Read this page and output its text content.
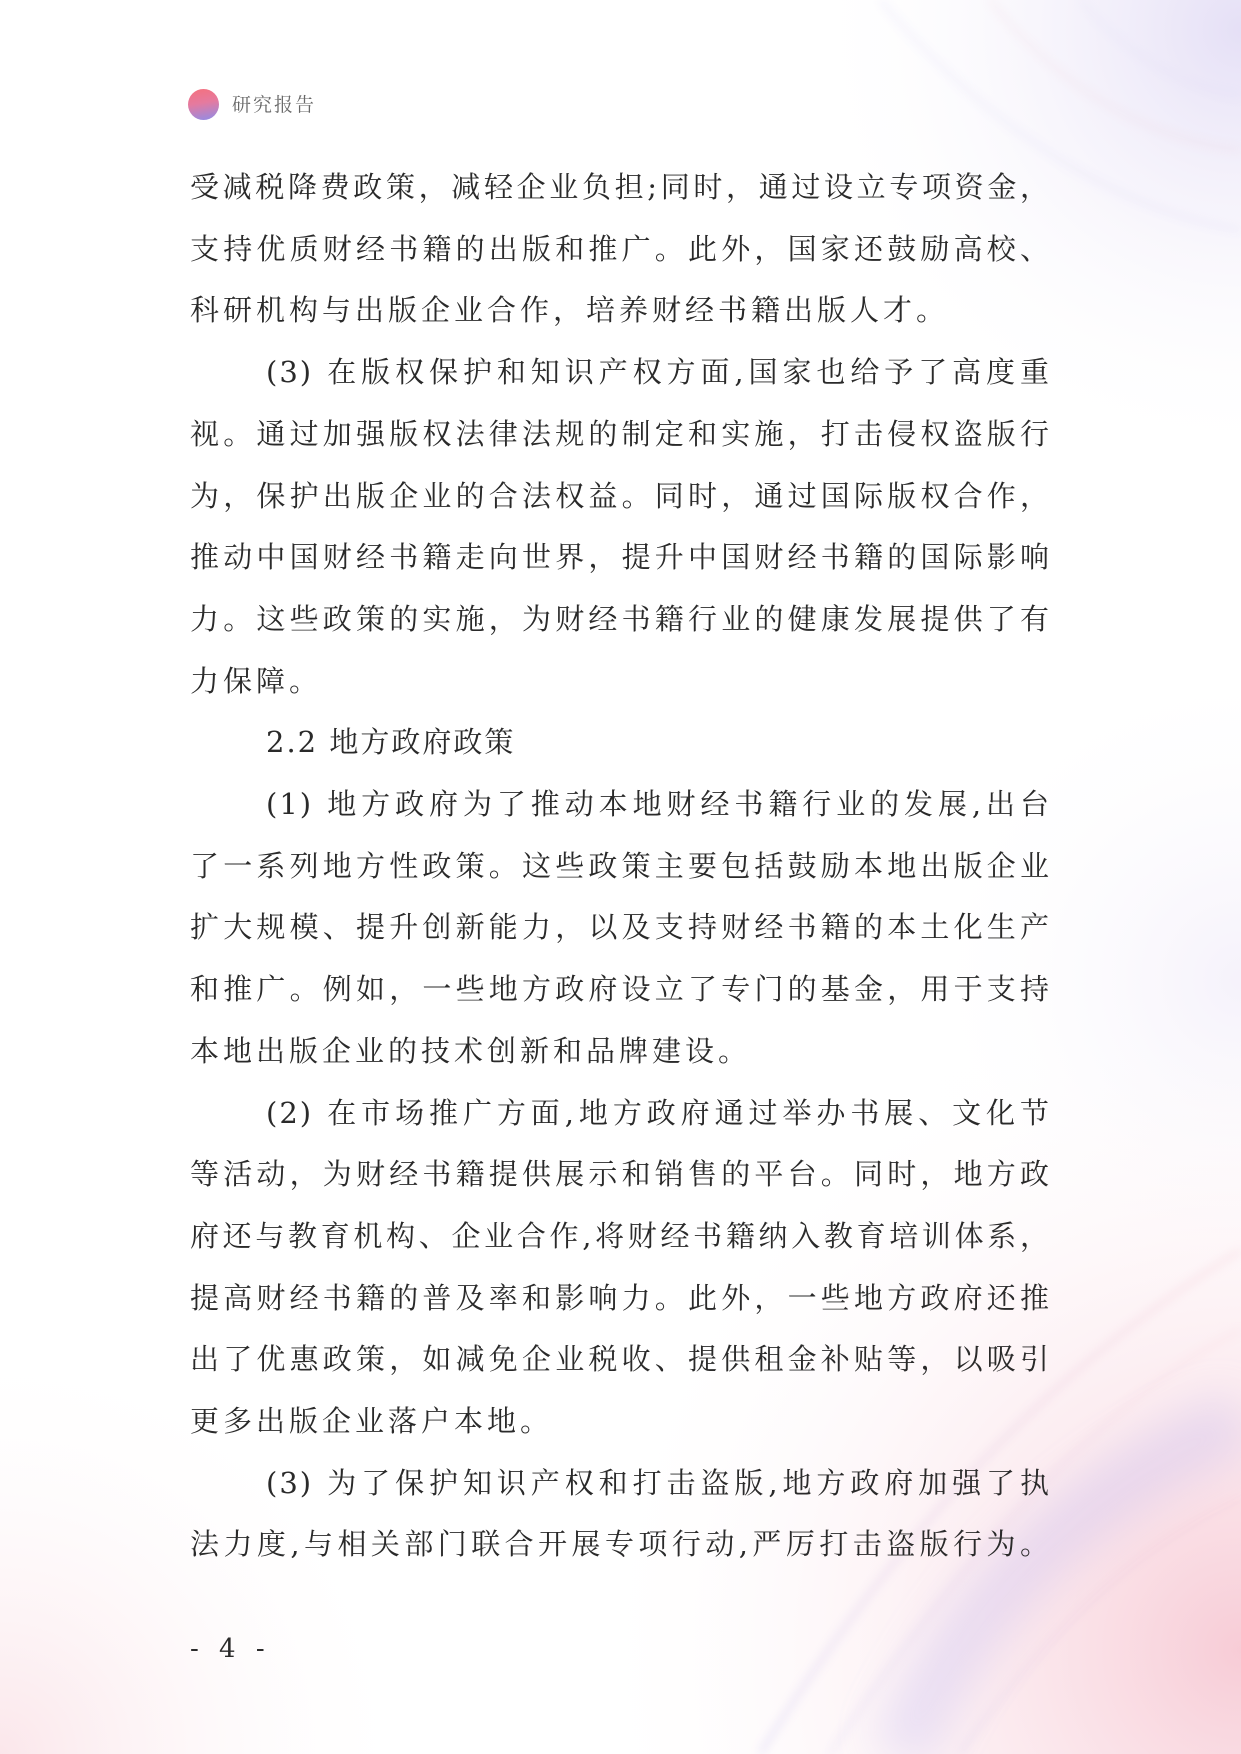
研究报告
受减税降费政策，减轻企业负担;同时，通过设立专项资金，
支持优质财经书籍的出版和推广。此外，国家还鼓励高校、
科研机构与出版企业合作，培养财经书籍出版人才。
(3) 在版权保护和知识产权方面,国家也给予了高度重
视。通过加强版权法律法规的制定和实施，打击侵权盗版行
为，保护出版企业的合法权益。同时，通过国际版权合作，
推动中国财经书籍走向世界，提升中国财经书籍的国际影响
力。这些政策的实施，为财经书籍行业的健康发展提供了有
力保障。
2.2 地方政府政策
(1) 地方政府为了推动本地财经书籍行业的发展,出台
了一系列地方性政策。这些政策主要包括鼓励本地出版企业
扩大规模、提升创新能力，以及支持财经书籍的本土化生产
和推广。例如，一些地方政府设立了专门的基金，用于支持
本地出版企业的技术创新和品牌建设。
(2) 在市场推广方面,地方政府通过举办书展、文化节
等活动，为财经书籍提供展示和销售的平台。同时，地方政
府还与教育机构、企业合作,将财经书籍纳入教育培训体系，
提高财经书籍的普及率和影响力。此外，一些地方政府还推
出了优惠政策，如减免企业税收、提供租金补贴等，以吸引
更多出版企业落户本地。
(3) 为了保护知识产权和打击盗版,地方政府加强了执
法力度,与相关部门联合开展专项行动,严厉打击盗版行为。
- 4 -
